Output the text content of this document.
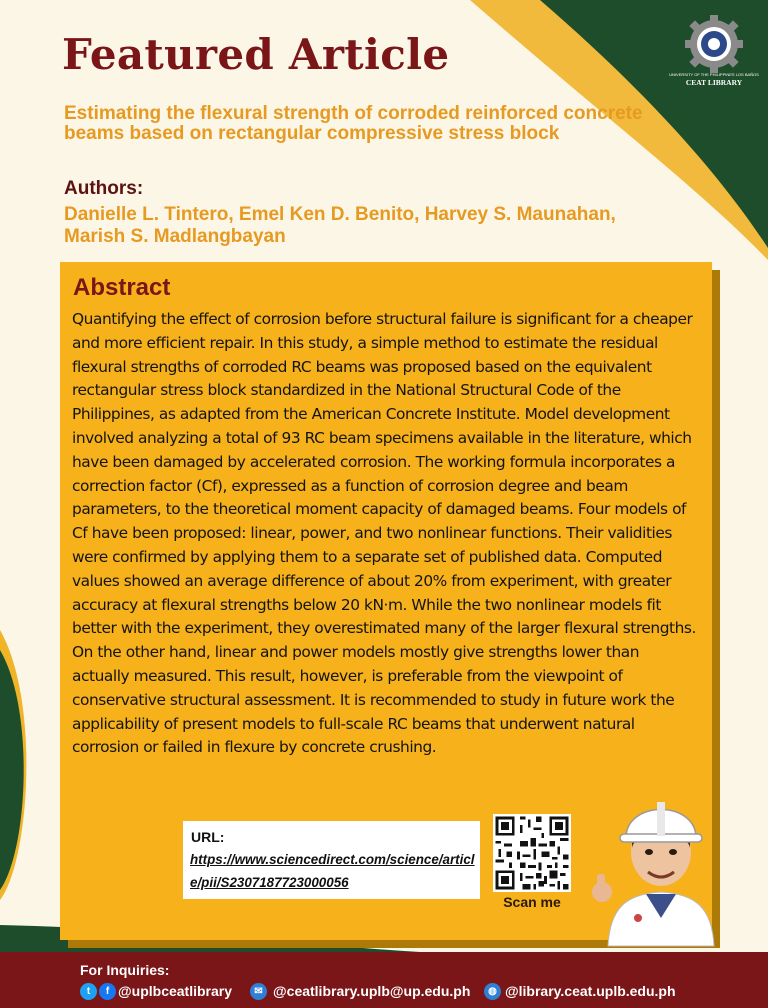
Featured Article	UNIVERSITY OF THE PHILIPPINES LOS BAÑOS
CEAT LIBRARY

Estimating the flexural strength of corroded reinforced concrete beams based on rectangular compressive stress block

Authors:
Danielle L. Tintero, Emel Ken D. Benito, Harvey S. Maunahan, Marish S. Madlangbayan
Abstract
Quantifying the effect of corrosion before structural failure is significant for a cheaper and more efficient repair. In this study, a simple method to estimate the residual flexural strengths of corroded RC beams was proposed based on the equivalent rectangular stress block standardized in the National Structural Code of the Philippines, as adapted from the American Concrete Institute. Model development involved analyzing a total of 93 RC beam specimens available in the literature, which have been damaged by accelerated corrosion. The working formula incorporates a correction factor (Cf), expressed as a function of corrosion degree and beam parameters, to the theoretical moment capacity of damaged beams. Four models of Cf have been proposed: linear, power, and two nonlinear functions. Their validities were confirmed by applying them to a separate set of published data. Computed values showed an average difference of about 20% from experiment, with greater accuracy at flexural strengths below 20 kN·m. While the two nonlinear models fit better with the experiment, they overestimated many of the larger flexural strengths. On the other hand, linear and power models mostly give strengths lower than actually measured. This result, however, is preferable from the viewpoint of conservative structural assessment. It is recommended to study in future work the applicability of present models to full-scale RC beams that underwent natural corrosion or failed in flexure by concrete crushing.
URL:
https://www.sciencedirect.com/science/article/pii/S2307187723000056
Scan me
For Inquiries:
t	f @uplbceatlibrary	✉ @ceatlibrary.uplb@up.edu.ph	◍ @library.ceat.uplb.edu.ph
